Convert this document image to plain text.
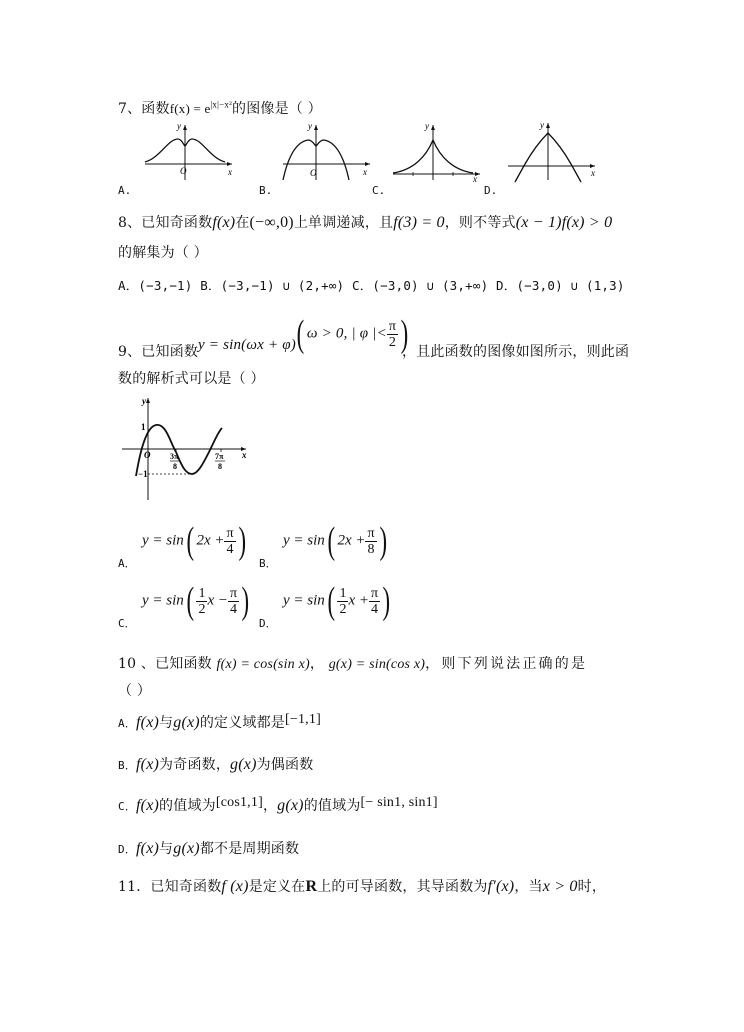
7、函数$f(x) = e^{|x|-x^2}$的图像是（ ）
O	x
y
O	x
y
x
y
x
y
A.	B.	C.	D.
8、已知奇函数f(x)在(−∞,0)上单调递减，且f(3) = 0，则不等式(x − 1)f(x) > 0
的解集为（ ）
A．(−3,−1) B．(−3,−1) ∪ (2,+∞) C．(−3,0) ∪ (3,+∞) D．(−3,0) ∪ (1,3)
9、已知函数 y = sin(ωx + φ) ( ω > 0, | φ |< $\frac{\pi}{2}$ )
，且此函数的图像如图所示，则此函
数的解析式可以是（ ）
y
x
1
−1
O 3π
8
7π
8
A．
y = sin( $2x + \frac{\pi}{4}$ )
B．
y = sin( $2x + \frac{\pi}{8}$ )
C．
$y = \sin( \frac{1}{2}$ $x - \frac{\pi}{4}$ )
D．
$y = \sin( \frac{1}{2}$ $x + \frac{\pi}{4}$ )
10 、已知函数 f(x) = cos(sin x)， g(x) = sin(cos x)，则下列说法正确的是
（ ）
A．f(x)与g(x)的定义域都是[−1,1]
B．f(x)为奇函数，g(x)为偶函数
C．f(x)的值域为[cos1,1]，g(x)的值域为[− sin1, sin1]
D．f(x)与g(x)都不是周期函数
11．已知奇函数f (x)是定义在R上的可导函数，其导函数为f′(x)，当x > 0时，
